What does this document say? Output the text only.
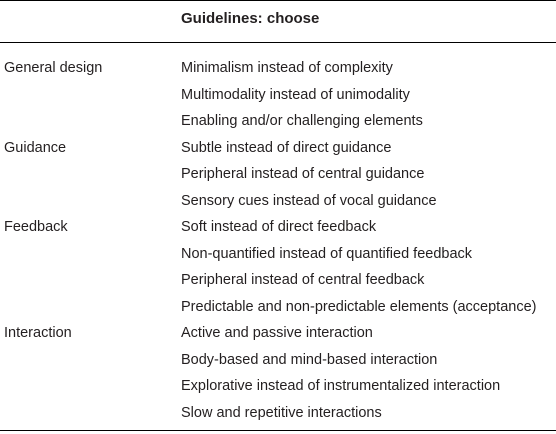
Guidelines: choose
General design	Minimalism instead of complexity
Multimodality instead of unimodality
Enabling and/or challenging elements
Guidance	Subtle instead of direct guidance
Peripheral instead of central guidance
Sensory cues instead of vocal guidance
Feedback	Soft instead of direct feedback
Non-quantified instead of quantified feedback
Peripheral instead of central feedback
Predictable and non-predictable elements (acceptance)
Interaction	Active and passive interaction
Body-based and mind-based interaction
Explorative instead of instrumentalized interaction
Slow and repetitive interactions
